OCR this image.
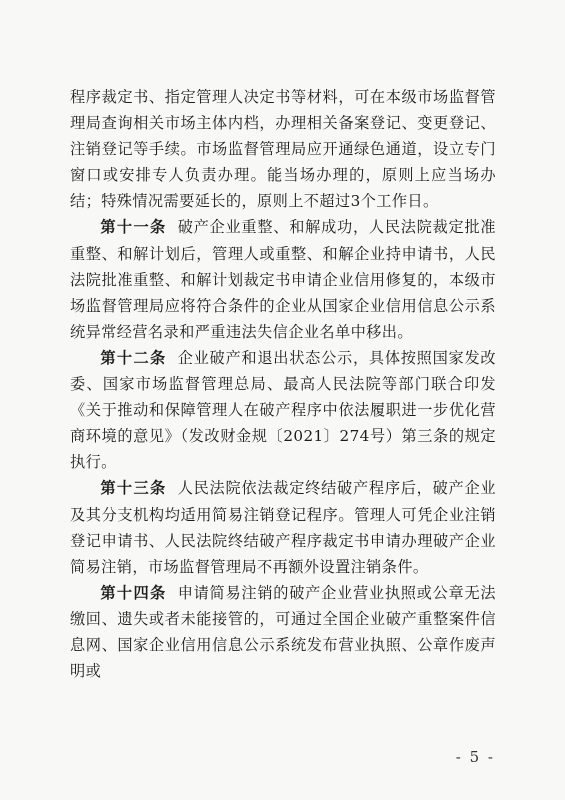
程序裁定书、指定管理人决定书等材料，可在本级市场监督管理局查询相关市场主体内档，办理相关备案登记、变更登记、注销登记等手续。市场监督管理局应开通绿色通道，设立专门窗口或安排专人负责办理。能当场办理的，原则上应当场办结；特殊情况需要延长的，原则上不超过3个工作日。

第十一条 破产企业重整、和解成功，人民法院裁定批准重整、和解计划后，管理人或重整、和解企业持申请书，人民法院批准重整、和解计划裁定书申请企业信用修复的，本级市场监督管理局应将符合条件的企业从国家企业信用信息公示系统异常经营名录和严重违法失信企业名单中移出。

第十二条 企业破产和退出状态公示，具体按照国家发改委、国家市场监督管理总局、最高人民法院等部门联合印发《关于推动和保障管理人在破产程序中依法履职进一步优化营商环境的意见》（发改财金规〔2021〕274号）第三条的规定执行。

第十三条 人民法院依法裁定终结破产程序后，破产企业及其分支机构均适用简易注销登记程序。管理人可凭企业注销登记申请书、人民法院终结破产程序裁定书申请办理破产企业简易注销，市场监督管理局不再额外设置注销条件。

第十四条 申请简易注销的破产企业营业执照或公章无法缴回、遗失或者未能接管的，可通过全国企业破产重整案件信息网、国家企业信用信息公示系统发布营业执照、公章作废声明或

- 5 -
